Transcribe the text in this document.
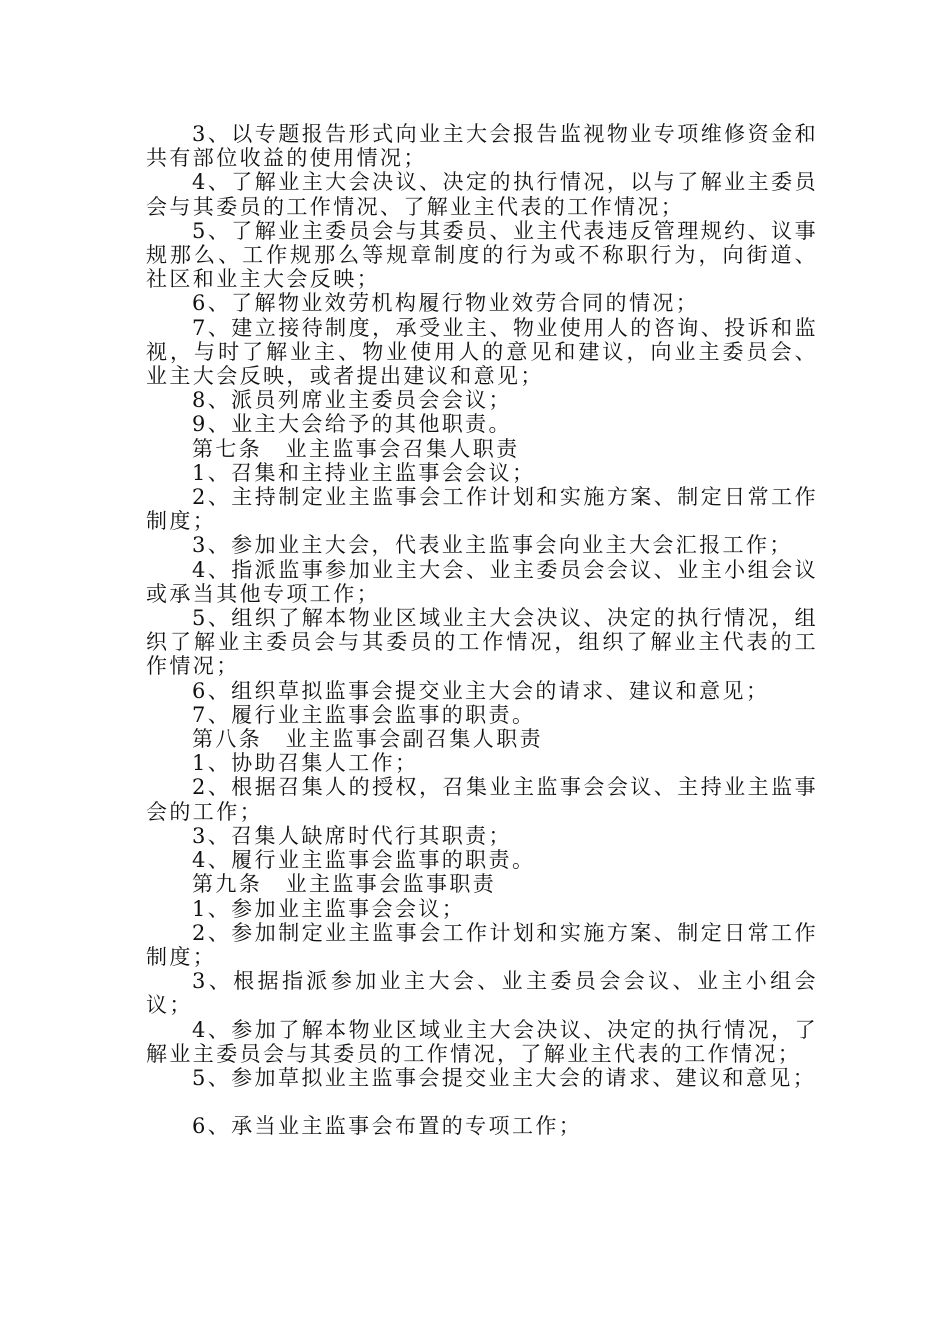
3、以专题报告形式向业主大会报告监视物业专项维修资金和共有部位收益的使用情况；

4、了解业主大会决议、决定的执行情况，以与了解业主委员会与其委员的工作情况、了解业主代表的工作情况；

5、了解业主委员会与其委员、业主代表违反管理规约、议事规那么、工作规那么等规章制度的行为或不称职行为，向街道、社区和业主大会反映；

6、了解物业效劳机构履行物业效劳合同的情况；

7、建立接待制度，承受业主、物业使用人的咨询、投诉和监视，与时了解业主、物业使用人的意见和建议，向业主委员会、业主大会反映，或者提出建议和意见；

8、派员列席业主委员会会议；

9、业主大会给予的其他职责。

第七条　业主监事会召集人职责

1、召集和主持业主监事会会议；

2、主持制定业主监事会工作计划和实施方案、制定日常工作制度；

3、参加业主大会，代表业主监事会向业主大会汇报工作；

4、指派监事参加业主大会、业主委员会会议、业主小组会议或承当其他专项工作；

5、组织了解本物业区域业主大会决议、决定的执行情况，组织了解业主委员会与其委员的工作情况，组织了解业主代表的工作情况；

6、组织草拟监事会提交业主大会的请求、建议和意见；

7、履行业主监事会监事的职责。

第八条　业主监事会副召集人职责

1、协助召集人工作；

2、根据召集人的授权，召集业主监事会会议、主持业主监事会的工作；

3、召集人缺席时代行其职责；

4、履行业主监事会监事的职责。

第九条　业主监事会监事职责

1、参加业主监事会会议；

2、参加制定业主监事会工作计划和实施方案、制定日常工作制度；

3、根据指派参加业主大会、业主委员会会议、业主小组会议；

4、参加了解本物业区域业主大会决议、决定的执行情况，了解业主委员会与其委员的工作情况，了解业主代表的工作情况；

5、参加草拟业主监事会提交业主大会的请求、建议和意见；

6、承当业主监事会布置的专项工作；
